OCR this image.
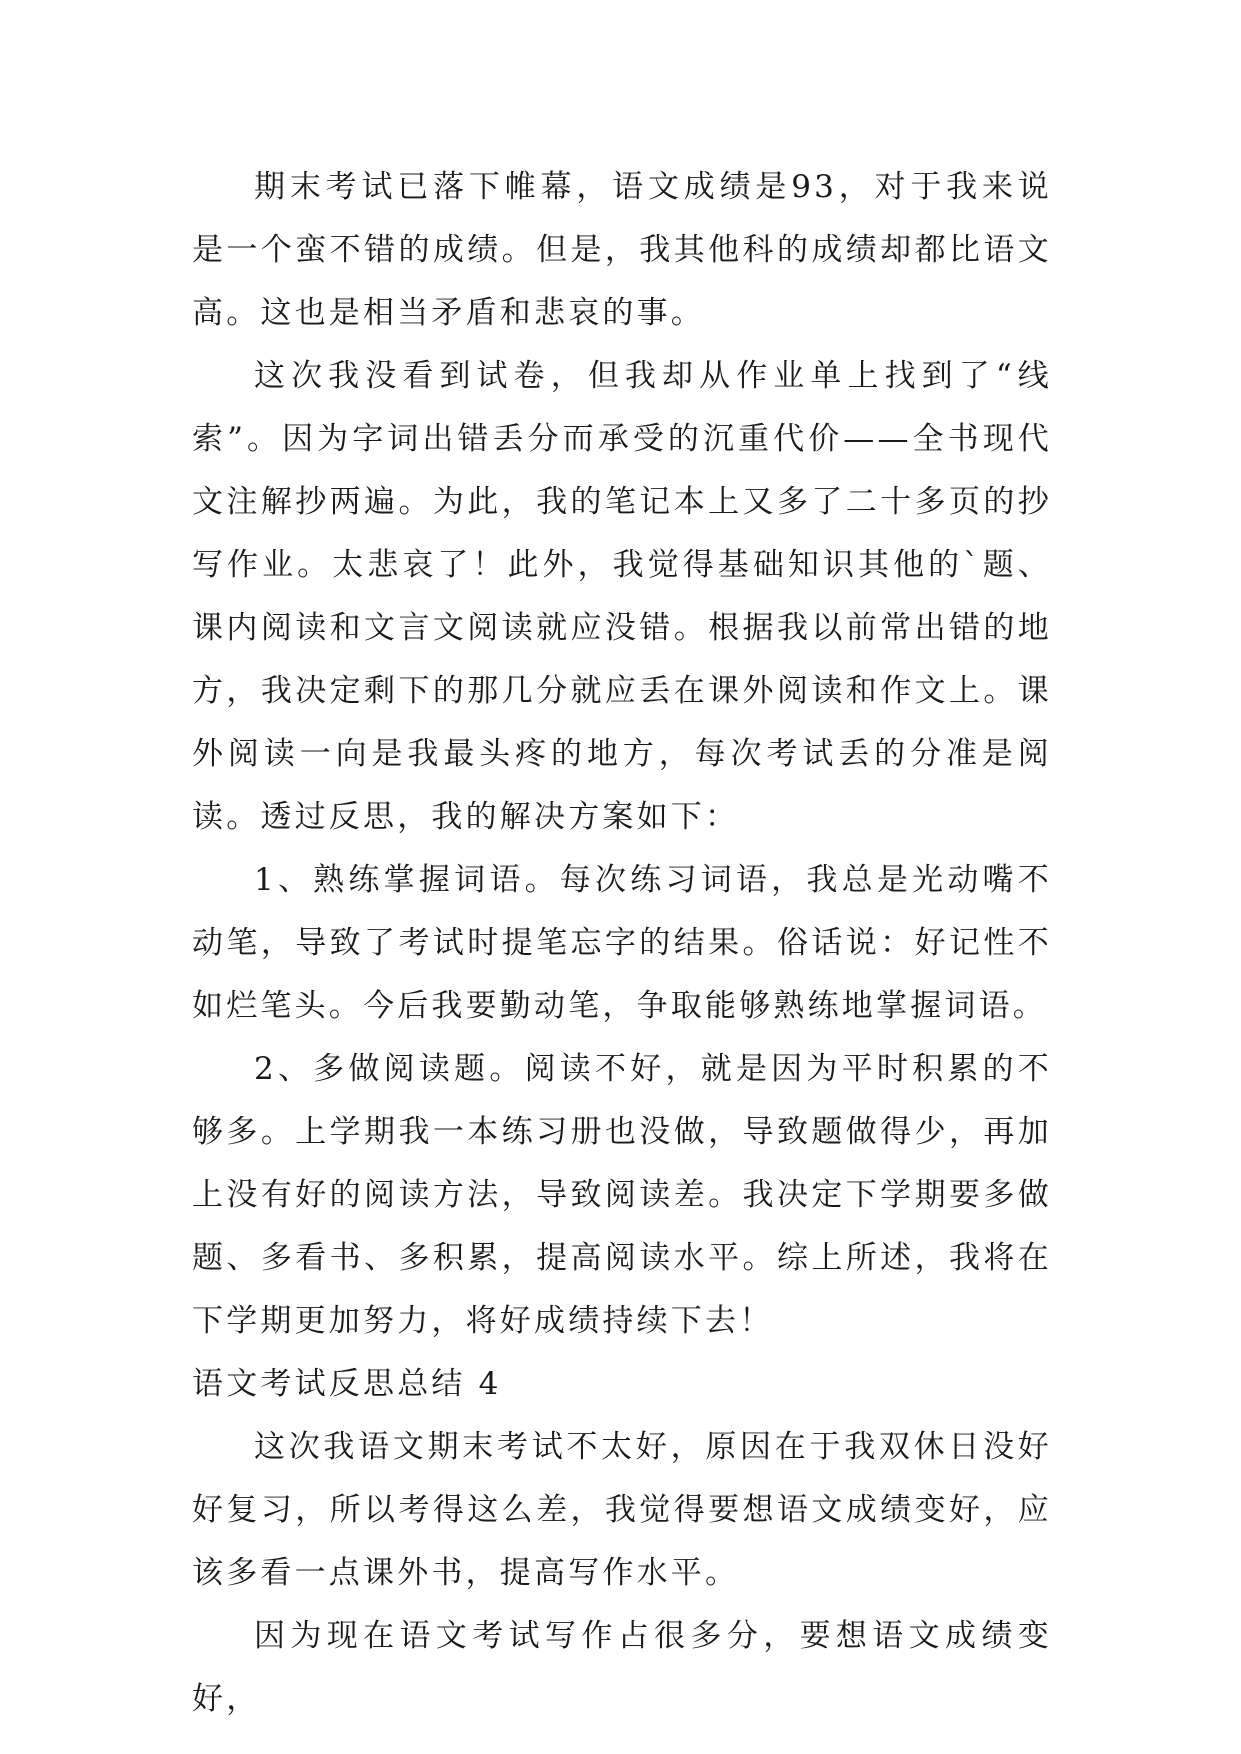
期末考试已落下帷幕，语文成绩是93，对于我来说是一个蛮不错的成绩。但是，我其他科的成绩却都比语文高。这也是相当矛盾和悲哀的事。

这次我没看到试卷，但我却从作业单上找到了“线索”。因为字词出错丢分而承受的沉重代价——全书现代文注解抄两遍。为此，我的笔记本上又多了二十多页的抄写作业。太悲哀了！此外，我觉得基础知识其他的`题、课内阅读和文言文阅读就应没错。根据我以前常出错的地方，我决定剩下的那几分就应丢在课外阅读和作文上。课外阅读一向是我最头疼的地方，每次考试丢的分准是阅读。透过反思，我的解决方案如下：

1、熟练掌握词语。每次练习词语，我总是光动嘴不动笔，导致了考试时提笔忘字的结果。俗话说：好记性不如烂笔头。今后我要勤动笔，争取能够熟练地掌握词语。

2、多做阅读题。阅读不好，就是因为平时积累的不够多。上学期我一本练习册也没做，导致题做得少，再加上没有好的阅读方法，导致阅读差。我决定下学期要多做题、多看书、多积累，提高阅读水平。综上所述，我将在下学期更加努力，将好成绩持续下去！

语文考试反思总结 4

这次我语文期末考试不太好，原因在于我双休日没好好复习，所以考得这么差，我觉得要想语文成绩变好，应该多看一点课外书，提高写作水平。

因为现在语文考试写作占很多分，要想语文成绩变好，
